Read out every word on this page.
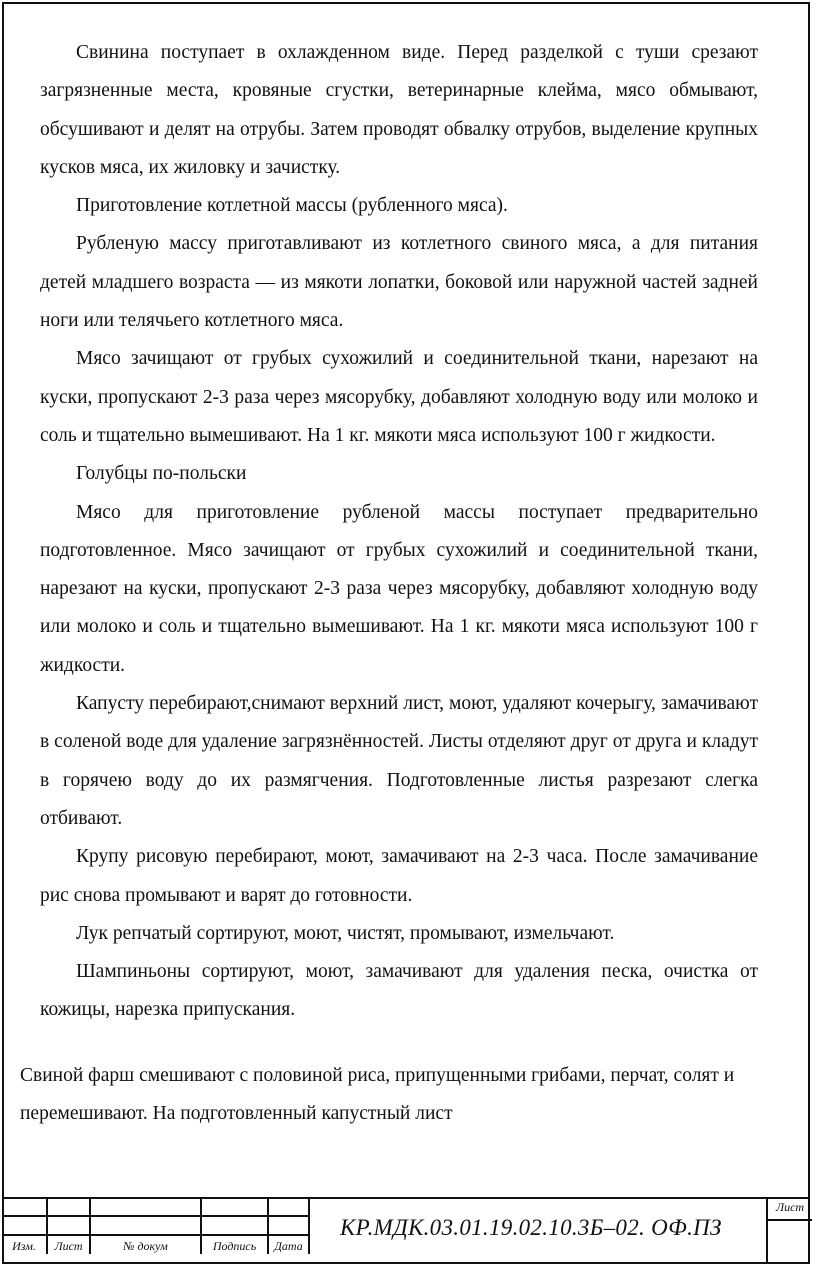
Свинина поступает в охлажденном виде. Перед разделкой с туши срезают загрязненные места, кровяные сгустки, ветеринарные клейма, мясо обмывают, обсушивают и делят на отрубы. Затем проводят обвалку отрубов, выделение крупных кусков мяса, их жиловку и зачистку.

Приготовление котлетной массы (рубленного мяса).

Рубленую массу приготавливают из котлетного свиного мяса, а для питания детей младшего возраста — из мякоти лопатки, боковой или наружной частей задней ноги или телячьего котлетного мяса.

Мясо зачищают от грубых сухожилий и соединительной ткани, нарезают на куски, пропускают 2-3 раза через мясорубку, добавляют холодную воду или молоко и соль и тщательно вымешивают. На 1 кг. мякоти мяса используют 100 г жидкости.

Голубцы по-польски

Мясо для приготовление рубленой массы поступает предварительно подготовленное. Мясо зачищают от грубых сухожилий и соединительной ткани, нарезают на куски, пропускают 2-3 раза через мясорубку, добавляют холодную воду или молоко и соль и тщательно вымешивают. На 1 кг. мякоти мяса используют 100 г жидкости.

Капусту перебирают,снимают верхний лист, моют, удаляют кочерыгу, замачивают в соленой воде для удаление загрязнённостей. Листы отделяют друг от друга и кладут в горячею воду до их размягчения. Подготовленные листья разрезают слегка отбивают.

Крупу рисовую перебирают, моют, замачивают на 2-3 часа. После замачивание рис снова промывают и варят до готовности.

Лук репчатый сортируют, моют, чистят, промывают, измельчают.

Шампиньоны сортируют, моют, замачивают для удаления песка, очистка от кожицы, нарезка припускания.

Свиной фарш смешивают с половиной риса, припущенными грибами, перчат, солят и перемешивают. На подготовленный капустный лист

Изм.	Лист	№ докум	Подпись	Дата
КР.МДК.03.01.19.02.10.3Б–02. ОФ.ПЗ
Лист
